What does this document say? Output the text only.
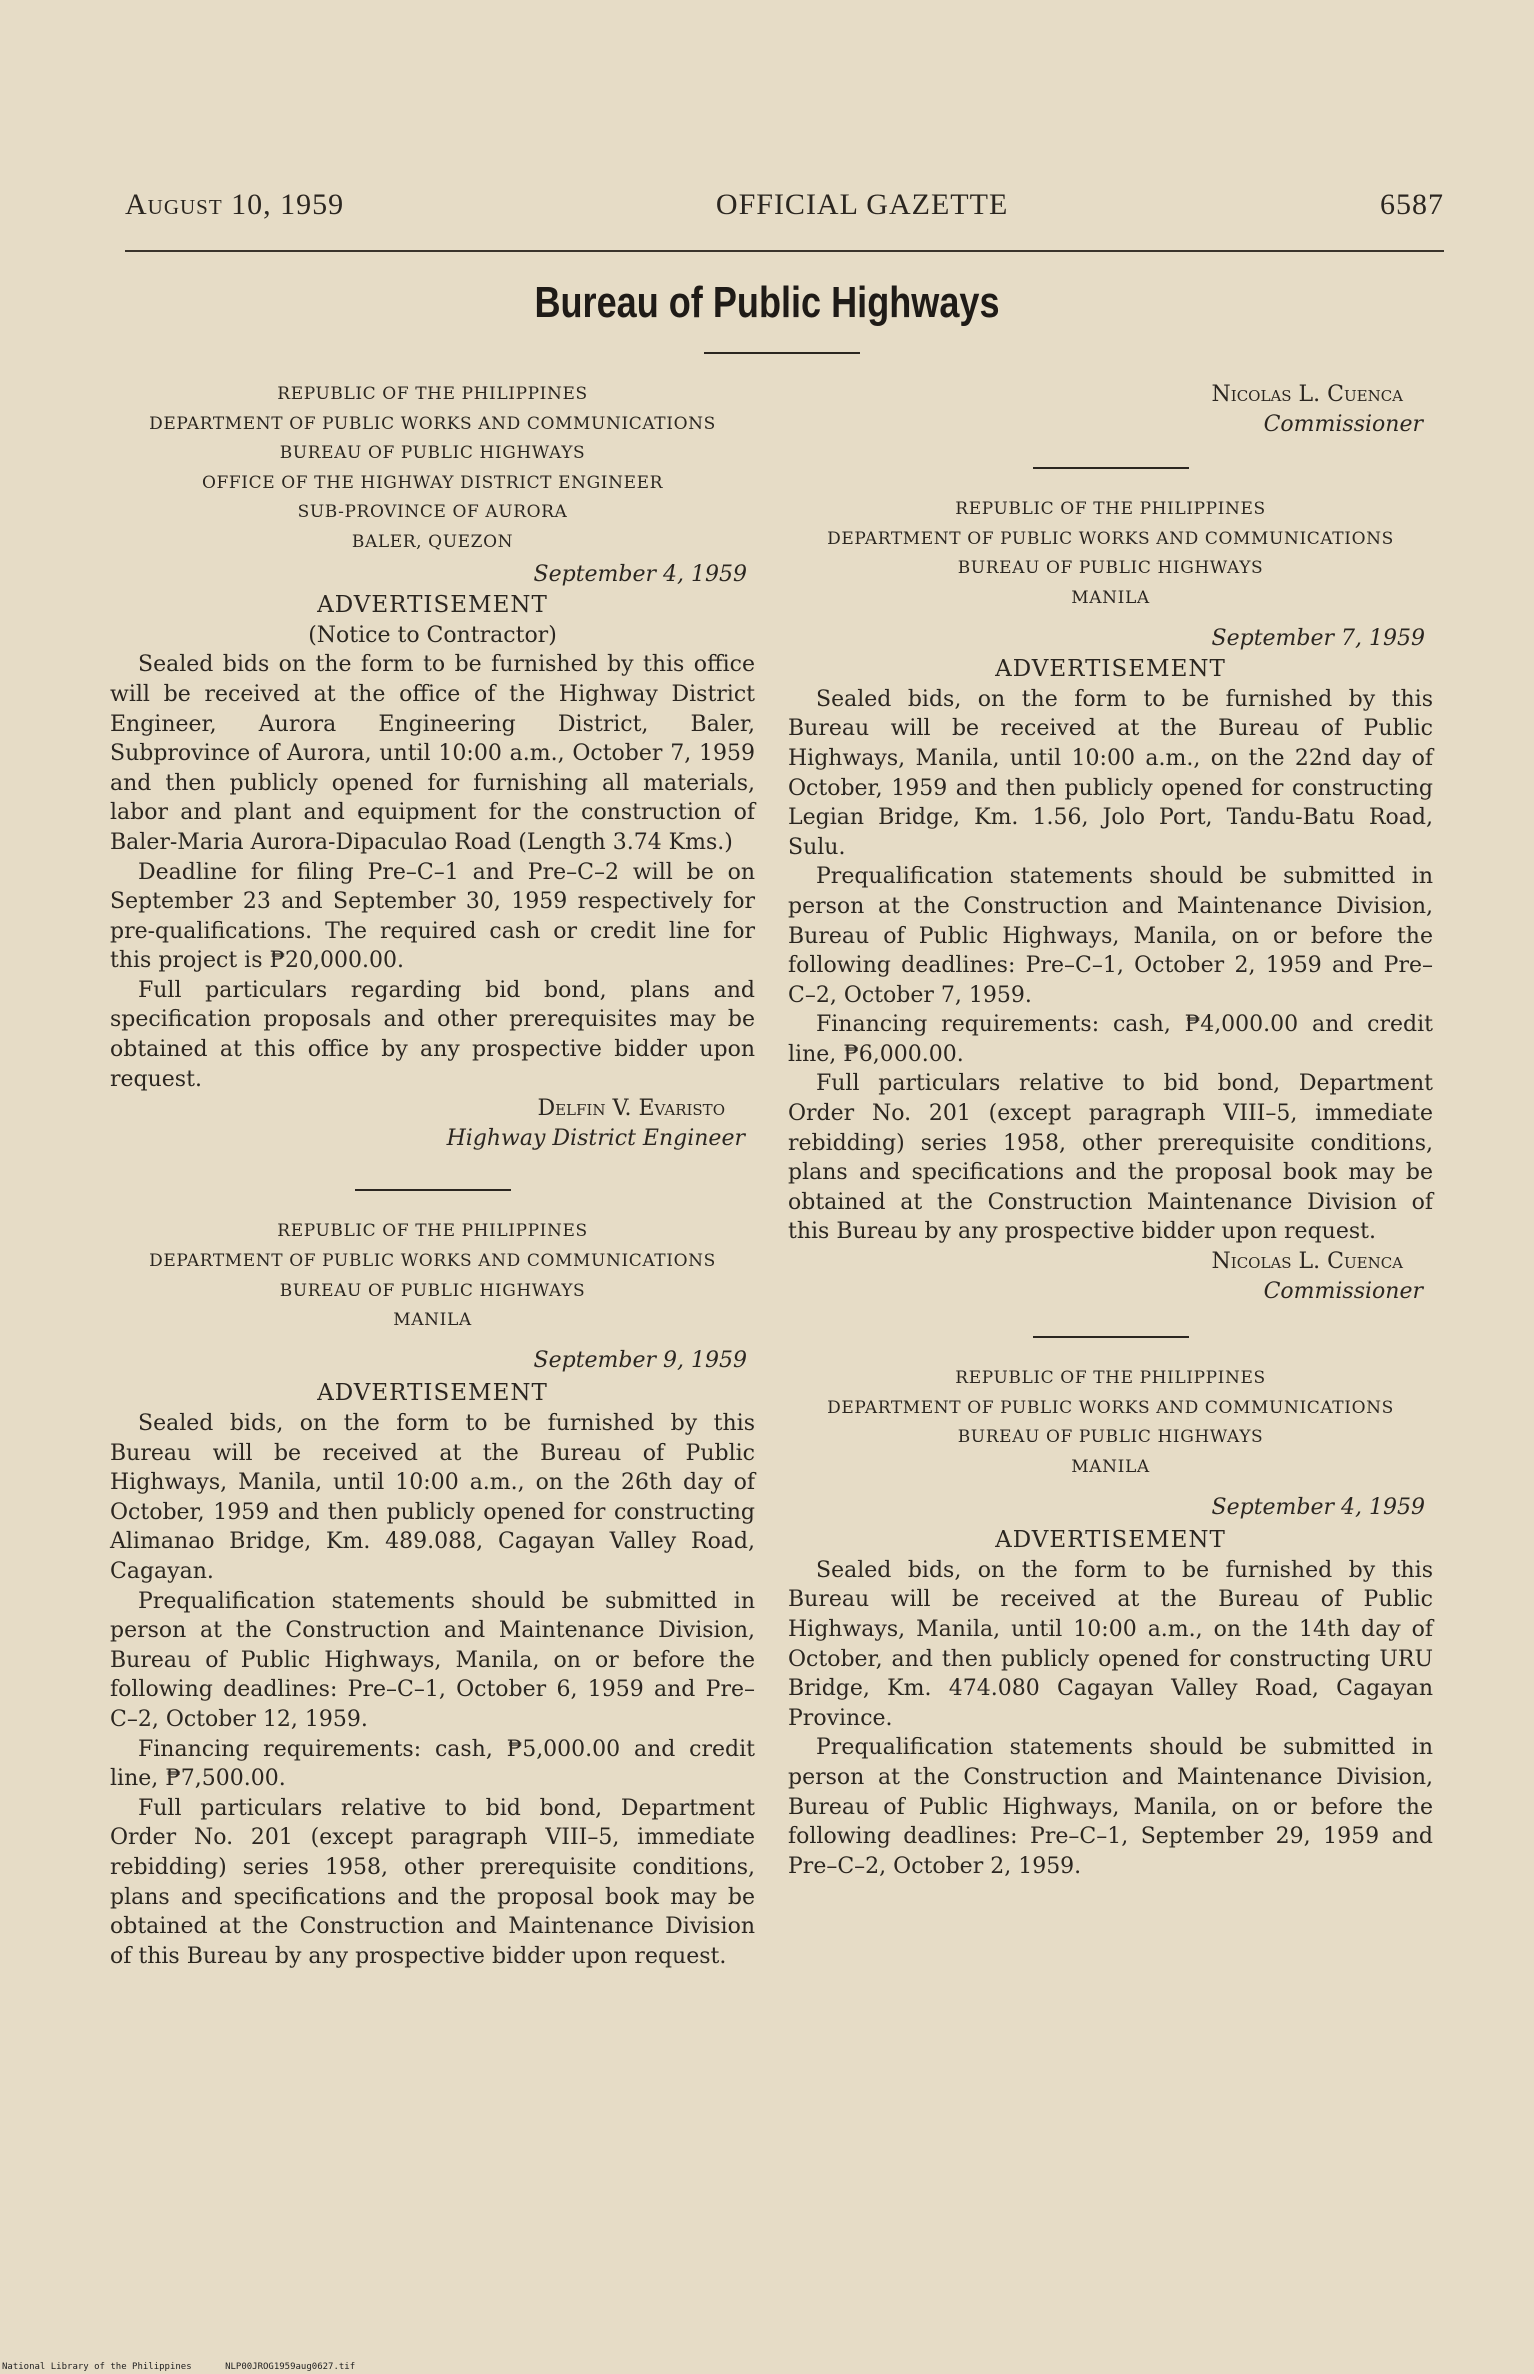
August 10, 1959	OFFICIAL GAZETTE	6587
Bureau of Public Highways
REPUBLIC OF THE PHILIPPINES
DEPARTMENT OF PUBLIC WORKS AND COMMUNICATIONS
BUREAU OF PUBLIC HIGHWAYS
OFFICE OF THE HIGHWAY DISTRICT ENGINEER
SUB-PROVINCE OF AURORA
BALER, QUEZON
September 4, 1959
ADVERTISEMENT
(Notice to Contractor)

Sealed bids on the form to be furnished by this office will be received at the office of the Highway District Engineer, Aurora Engineering District, Baler, Subprovince of Aurora, until 10:00 a.m., October 7, 1959 and then publicly opened for furnishing all materials, labor and plant and equipment for the construction of Baler-Maria Aurora-Dipaculao Road (Length 3.74 Kms.)

Deadline for filing Pre–C–1 and Pre–C–2 will be on September 23 and September 30, 1959 respectively for pre-qualifications. The required cash or credit line for this project is ₱20,000.00.

Full particulars regarding bid bond, plans and specification proposals and other prerequisites may be obtained at this office by any prospective bidder upon request.

Delfin V. Evaristo
Highway District Engineer
REPUBLIC OF THE PHILIPPINES
DEPARTMENT OF PUBLIC WORKS AND COMMUNICATIONS
BUREAU OF PUBLIC HIGHWAYS
MANILA
September 9, 1959
ADVERTISEMENT

Sealed bids, on the form to be furnished by this Bureau will be received at the Bureau of Public Highways, Manila, until 10:00 a.m., on the 26th day of October, 1959 and then publicly opened for constructing Alimanao Bridge, Km. 489.088, Cagayan Valley Road, Cagayan.

Prequalification statements should be submitted in person at the Construction and Maintenance Division, Bureau of Public Highways, Manila, on or before the following deadlines: Pre–C–1, October 6, 1959 and Pre–C–2, October 12, 1959.

Financing requirements: cash, ₱5,000.00 and credit line, ₱7,500.00.

Full particulars relative to bid bond, Department Order No. 201 (except paragraph VIII–5, immediate rebidding) series 1958, other prerequisite conditions, plans and specifications and the proposal book may be obtained at the Construction and Maintenance Division of this Bureau by any prospective bidder upon request.

Nicolas L. Cuenca
Commissioner
REPUBLIC OF THE PHILIPPINES
DEPARTMENT OF PUBLIC WORKS AND COMMUNICATIONS
BUREAU OF PUBLIC HIGHWAYS
MANILA
September 7, 1959
ADVERTISEMENT

Sealed bids, on the form to be furnished by this Bureau will be received at the Bureau of Public Highways, Manila, until 10:00 a.m., on the 22nd day of October, 1959 and then publicly opened for constructing Legian Bridge, Km. 1.56, Jolo Port, Tandu-Batu Road, Sulu.

Prequalification statements should be submitted in person at the Construction and Maintenance Division, Bureau of Public Highways, Manila, on or before the following deadlines: Pre–C–1, October 2, 1959 and Pre–C–2, October 7, 1959.

Financing requirements: cash, ₱4,000.00 and credit line, ₱6,000.00.

Full particulars relative to bid bond, Department Order No. 201 (except paragraph VIII–5, immediate rebidding) series 1958, other prerequisite conditions, plans and specifications and the proposal book may be obtained at the Construction Maintenance Division of this Bureau by any prospective bidder upon request.

Nicolas L. Cuenca
Commissioner
REPUBLIC OF THE PHILIPPINES
DEPARTMENT OF PUBLIC WORKS AND COMMUNICATIONS
BUREAU OF PUBLIC HIGHWAYS
MANILA
September 4, 1959
ADVERTISEMENT

Sealed bids, on the form to be furnished by this Bureau will be received at the Bureau of Public Highways, Manila, until 10:00 a.m., on the 14th day of October, and then publicly opened for constructing URU Bridge, Km. 474.080 Cagayan Valley Road, Cagayan Province.

Prequalification statements should be submitted in person at the Construction and Maintenance Division, Bureau of Public Highways, Manila, on or before the following deadlines: Pre–C–1, September 29, 1959 and Pre–C–2, October 2, 1959.

National Library of the Philippines	NLP00JROG1959aug0627.tif
